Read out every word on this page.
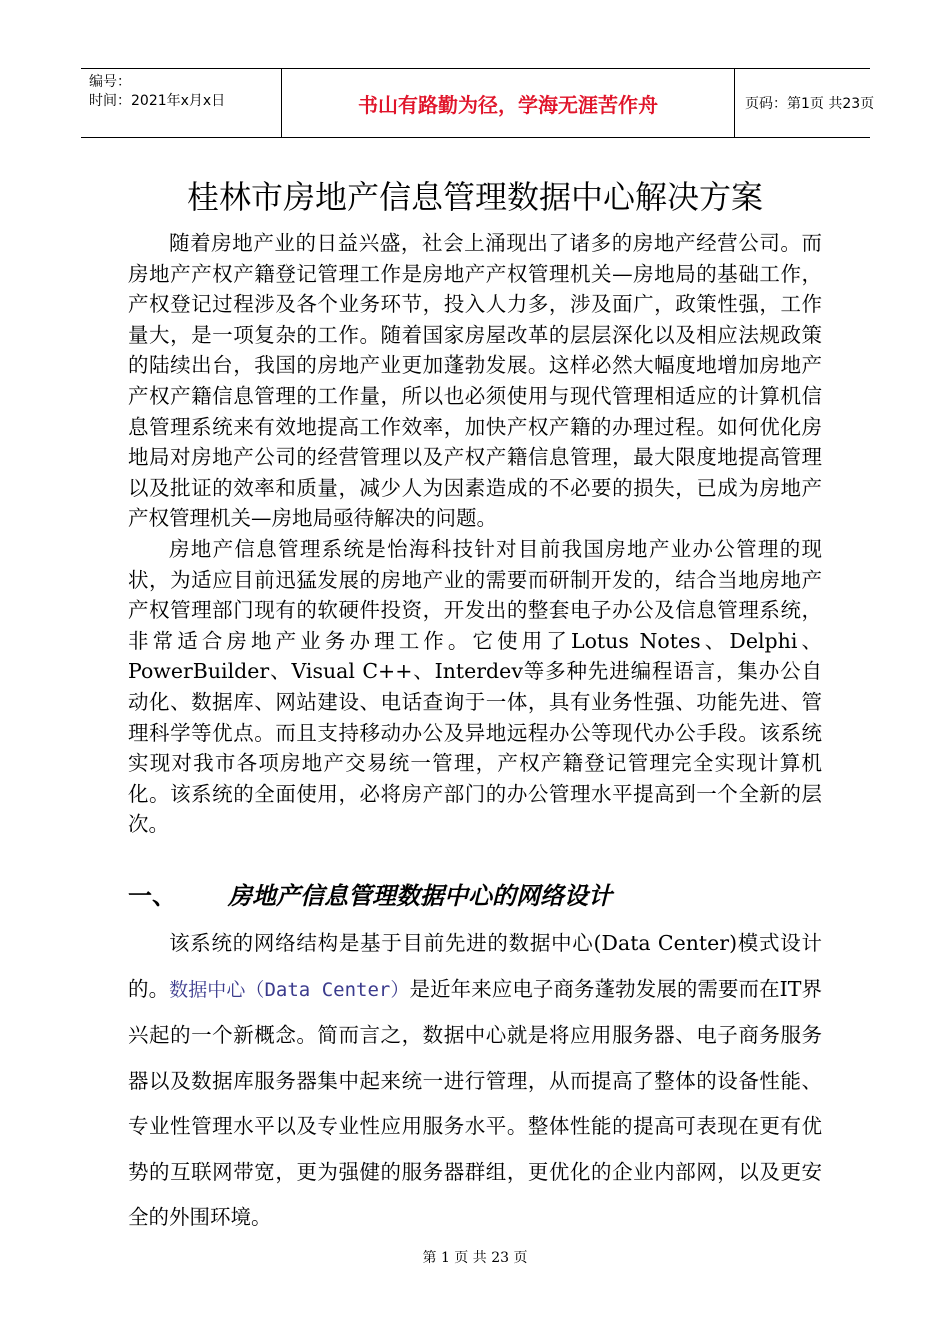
编号：
时间：2021年x月x日	书山有路勤为径，学海无涯苦作舟	页码：第1页 共23页
桂林市房地产信息管理数据中心解决方案

随着房地产业的日益兴盛，社会上涌现出了诸多的房地产经营公司。而房地产产权产籍登记管理工作是房地产产权管理机关—房地局的基础工作，产权登记过程涉及各个业务环节，投入人力多，涉及面广，政策性强，工作量大，是一项复杂的工作。随着国家房屋改革的层层深化以及相应法规政策的陆续出台，我国的房地产业更加蓬勃发展。这样必然大幅度地增加房地产产权产籍信息管理的工作量，所以也必须使用与现代管理相适应的计算机信息管理系统来有效地提高工作效率，加快产权产籍的办理过程。如何优化房地局对房地产公司的经营管理以及产权产籍信息管理，最大限度地提高管理以及批证的效率和质量，减少人为因素造成的不必要的损失，已成为房地产产权管理机关—房地局亟待解决的问题。

房地产信息管理系统是怡海科技针对目前我国房地产业办公管理的现状，为适应目前迅猛发展的房地产业的需要而研制开发的，结合当地房地产产权管理部门现有的软硬件投资，开发出的整套电子办公及信息管理系统，非常适合房地产业务办理工作。它使用了Lotus Notes、Delphi、PowerBuilder、Visual C++、Interdev等多种先进编程语言，集办公自动化、数据库、网站建设、电话查询于一体，具有业务性强、功能先进、管理科学等优点。而且支持移动办公及异地远程办公等现代办公手段。该系统实现对我市各项房地产交易统一管理，产权产籍登记管理完全实现计算机化。该系统的全面使用，必将房产部门的办公管理水平提高到一个全新的层次。

一、 房地产信息管理数据中心的网络设计

该系统的网络结构是基于目前先进的数据中心(Data Center)模式设计的。数据中心（Data Center）是近年来应电子商务蓬勃发展的需要而在IT界兴起的一个新概念。简而言之，数据中心就是将应用服务器、电子商务服务器以及数据库服务器集中起来统一进行管理，从而提高了整体的设备性能、专业性管理水平以及专业性应用服务水平。整体性能的提高可表现在更有优势的互联网带宽，更为强健的服务器群组，更优化的企业内部网，以及更安全的外围环境。

第 1 页 共 23 页
